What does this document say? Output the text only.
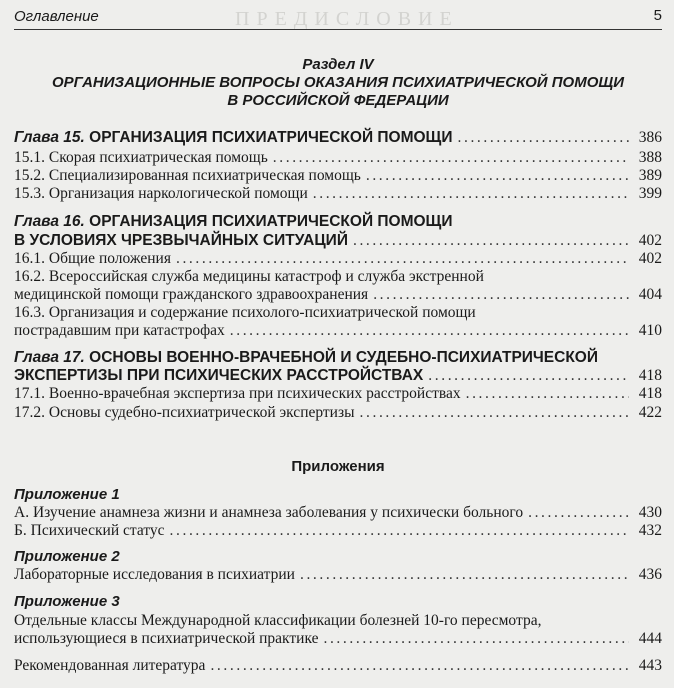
ПРЕДИСЛОВИЕ
Оглавление	5
Раздел IV
ОРГАНИЗАЦИОННЫЕ ВОПРОСЫ ОКАЗАНИЯ ПСИХИАТРИЧЕСКОЙ ПОМОЩИ
В РОССИЙСКОЙ ФЕДЕРАЦИИ
Глава 15. ОРГАНИЗАЦИЯ ПСИХИАТРИЧЕСКОЙ ПОМОЩИ .....	386
15.1. Скорая психиатрическая помощь .....	388
15.2. Специализированная психиатрическая помощь .....	389
15.3. Организация наркологической помощи .....	399
Глава 16. ОРГАНИЗАЦИЯ ПСИХИАТРИЧЕСКОЙ ПОМОЩИ
В УСЛОВИЯХ ЧРЕЗВЫЧАЙНЫХ СИТУАЦИЙ .....	402
16.1. Общие положения .....	402
16.2. Всероссийская служба медицины катастроф и служба экстренной
медицинской помощи гражданского здравоохранения .....	404
16.3. Организация и содержание психолого-психиатрической помощи
пострадавшим при катастрофах .....	410
Глава 17. ОСНОВЫ ВОЕННО-ВРАЧЕБНОЙ И СУДЕБНО-ПСИХИАТРИЧЕСКОЙ
ЭКСПЕРТИЗЫ ПРИ ПСИХИЧЕСКИХ РАССТРОЙСТВАХ .....	418
17.1. Военно-врачебная экспертиза при психических расстройствах .....	418
17.2. Основы судебно-психиатрической экспертизы .....	422
Приложения
Приложение 1
А. Изучение анамнеза жизни и анамнеза заболевания у психически больного .....	430
Б. Психический статус .....	432
Приложение 2
Лабораторные исследования в психиатрии .....	436
Приложение 3
Отдельные классы Международной классификации болезней 10-го пересмотра,
использующиеся в психиатрической практике .....	444
Рекомендованная литература .....	443
